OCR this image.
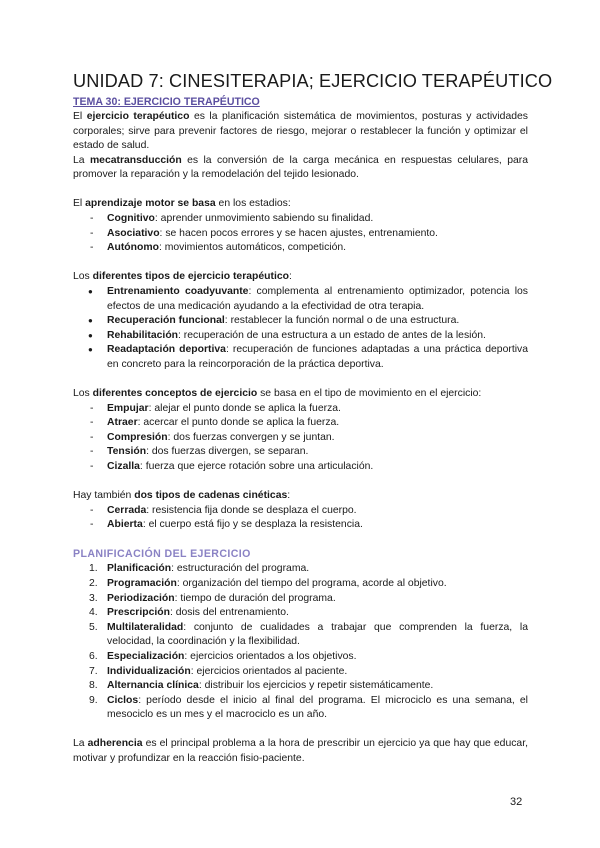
UNIDAD 7: CINESITERAPIA; EJERCICIO TERAPÉUTICO

TEMA 30: EJERCICIO TERAPÉUTICO

El ejercicio terapéutico es la planificación sistemática de movimientos, posturas y actividades corporales; sirve para prevenir factores de riesgo, mejorar o restablecer la función y optimizar el estado de salud.

La mecatransducción es la conversión de la carga mecánica en respuestas celulares, para promover la reparación y la remodelación del tejido lesionado.

El aprendizaje motor se basa en los estadios:

- Cognitivo: aprender unmovimiento sabiendo su finalidad.
- Asociativo: se hacen pocos errores y se hacen ajustes, entrenamiento.
- Autónomo: movimientos automáticos, competición.

Los diferentes tipos de ejercicio terapéutico:

● Entrenamiento coadyuvante: complementa al entrenamiento optimizador, potencia los efectos de una medicación ayudando a la efectividad de otra terapia.
● Recuperación funcional: restablecer la función normal o de una estructura.
● Rehabilitación: recuperación de una estructura a un estado de antes de la lesión.
● Readaptación deportiva: recuperación de funciones adaptadas a una práctica deportiva en concreto para la reincorporación de la práctica deportiva.

Los diferentes conceptos de ejercicio se basa en el tipo de movimiento en el ejercicio:

- Empujar: alejar el punto donde se aplica la fuerza.
- Atraer: acercar el punto donde se aplica la fuerza.
- Compresión: dos fuerzas convergen y se juntan.
- Tensión: dos fuerzas divergen, se separan.
- Cizalla: fuerza que ejerce rotación sobre una articulación.

Hay también dos tipos de cadenas cinéticas:

- Cerrada: resistencia fija donde se desplaza el cuerpo.
- Abierta: el cuerpo está fijo y se desplaza la resistencia.

PLANIFICACIÓN DEL EJERCICIO

1. Planificación: estructuración del programa.
2. Programación: organización del tiempo del programa, acorde al objetivo.
3. Periodización: tiempo de duración del programa.
4. Prescripción: dosis del entrenamiento.
5. Multilateralidad: conjunto de cualidades a trabajar que comprenden la fuerza, la velocidad, la coordinación y la flexibilidad.
6. Especialización: ejercicios orientados a los objetivos.
7. Individualización: ejercicios orientados al paciente.
8. Alternancia clínica: distribuir los ejercicios y repetir sistemáticamente.
9. Ciclos: período desde el inicio al final del programa. El microciclo es una semana, el mesociclo es un mes y el macrociclo es un año.

La adherencia es el principal problema a la hora de prescribir un ejercicio ya que hay que educar, motivar y profundizar en la reacción fisio-paciente.

32
